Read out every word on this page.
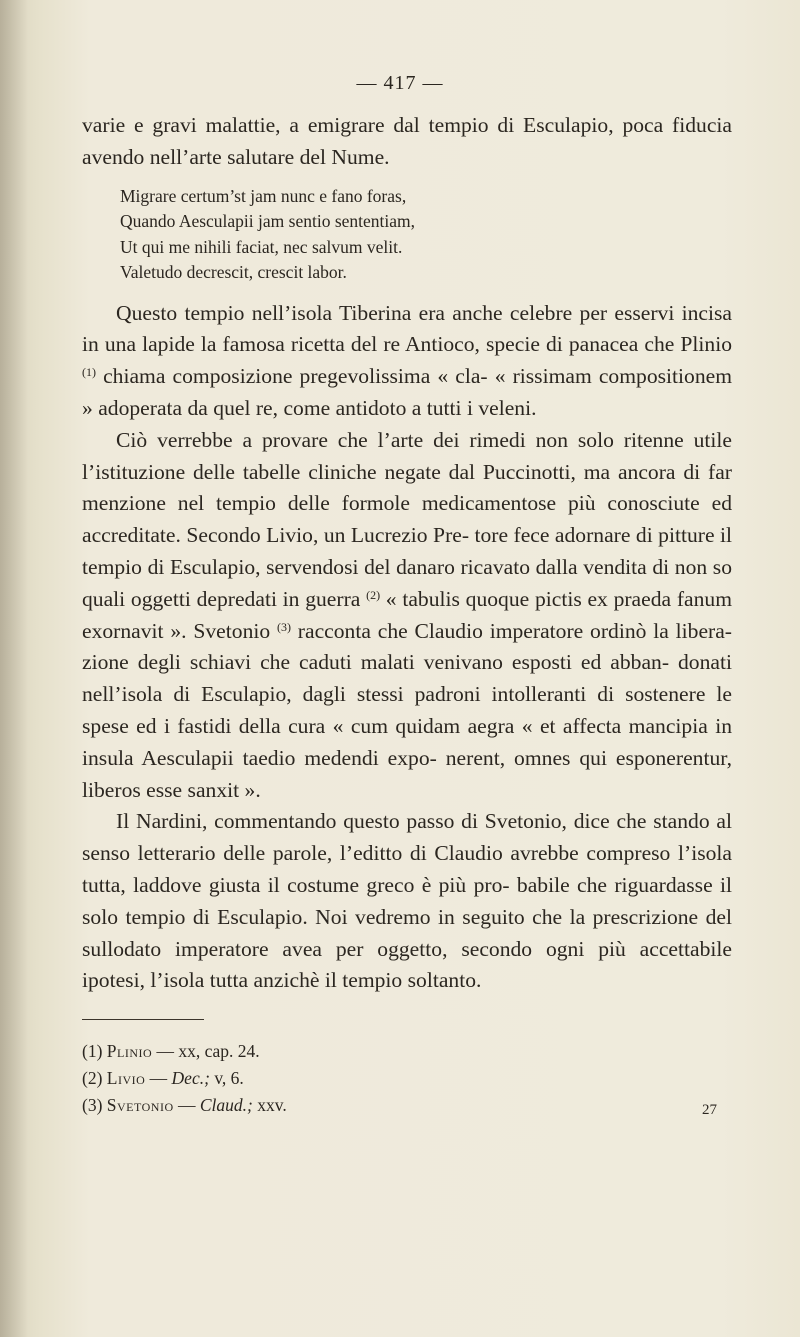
— 417 —

varie e gravi malattie, a emigrare dal tempio di Esculapio, poca fiducia avendo nell’arte salutare del Nume.

Migrare certum’st jam nunc e fano foras,
Quando Aesculapii jam sentio sententiam,
Ut qui me nihili faciat, nec salvum velit.
Valetudo decrescit, crescit labor.

Questo tempio nell’isola Tiberina era anche celebre per esservi incisa in una lapide la famosa ricetta del re Antioco, specie di panacea che Plinio $^{(1)}$ chiama composizione pregevolissima « cla- « rissimam compositionem » adoperata da quel re, come antidoto a tutti i veleni.

Ciò verrebbe a provare che l’arte dei rimedi non solo ritenne utile l’istituzione delle tabelle cliniche negate dal Puccinotti, ma ancora di far menzione nel tempio delle formole medicamentose più conosciute ed accreditate. Secondo Livio, un Lucrezio Pre- tore fece adornare di pitture il tempio di Esculapio, servendosi del danaro ricavato dalla vendita di non so quali oggetti depredati in guerra $^{(2)}$ « tabulis quoque pictis ex praeda fanum exornavit ». Svetonio $^{(3)}$ racconta che Claudio imperatore ordinò la libera- zione degli schiavi che caduti malati venivano esposti ed abban- donati nell’isola di Esculapio, dagli stessi padroni intolleranti di sostenere le spese ed i fastidi della cura « cum quidam aegra « et affecta mancipia in insula Aesculapii taedio medendi expo- nerent, omnes qui esponerentur, liberos esse sanxit ».

Il Nardini, commentando questo passo di Svetonio, dice che stando al senso letterario delle parole, l’editto di Claudio avrebbe compreso l’isola tutta, laddove giusta il costume greco è più pro- babile che riguardasse il solo tempio di Esculapio. Noi vedremo in seguito che la prescrizione del sullodato imperatore avea per oggetto, secondo ogni più accettabile ipotesi, l’isola tutta anzichè il tempio soltanto.

(1) Plinio — xx, cap. 24.
(2) Livio — Dec.; v, 6.
(3) Svetonio — Claud.; xxv.	27
